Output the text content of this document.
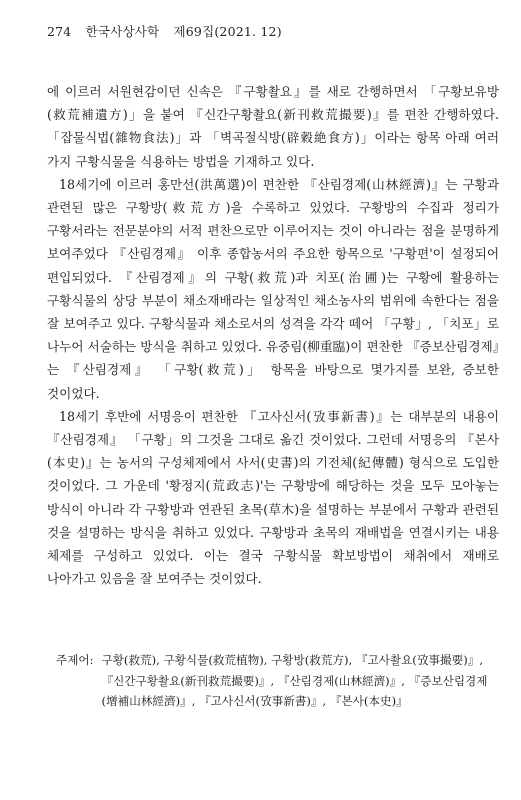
274 한국사상사학 제69집(2021. 12)

에 이르러 서원현감이던 신속은 『구황촬요』를 새로 간행하면서 「구황보유방(救荒補遺方)」을 붙여 『신간구황촬요(新刊救荒撮要)』를 편찬 간행하였다. 「잡물식법(雜物食法)」과 「벽곡절식방(辟穀絶食方)」이라는 항목 아래 여러 가지 구황식물을 식용하는 방법을 기재하고 있다.

18세기에 이르러 홍만선(洪萬選)이 편찬한 『산림경제(山林經濟)』는 구황과 관련된 많은 구황방(救荒方)을 수록하고 있었다. 구황방의 수집과 정리가 구황서라는 전문분야의 서적 편찬으로만 이루어지는 것이 아니라는 점을 분명하게 보여주었다 『산림경제』 이후 종합농서의 주요한 항목으로 '구황편'이 설정되어 편입되었다. 『산림경제』의 구황(救荒)과 치포(治圃)는 구황에 활용하는 구황식물의 상당 부분이 채소재배라는 일상적인 채소농사의 범위에 속한다는 점을 잘 보여주고 있다. 구황식물과 채소로서의 성격을 각각 떼어 「구황」, 「치포」로 나누어 서술하는 방식을 취하고 있었다. 유중림(柳重臨)이 편찬한 『증보산림경제』는 『산림경제』 「구황(救荒)」 항목을 바탕으로 몇가지를 보완, 증보한 것이었다.

18세기 후반에 서명응이 편찬한 『고사신서(攷事新書)』는 대부분의 내용이 『산림경제』 「구황」의 그것을 그대로 옮긴 것이었다. 그런데 서명응의 『본사(本史)』는 농서의 구성체제에서 사서(史書)의 기전체(紀傳體) 형식으로 도입한 것이었다. 그 가운데 '황정지(荒政志)'는 구황방에 해당하는 것을 모두 모아놓는 방식이 아니라 각 구황방과 연관된 초목(草木)을 설명하는 부분에서 구황과 관련된 것을 설명하는 방식을 취하고 있었다. 구황방과 초목의 재배법을 연결시키는 내용 체제를 구성하고 있었다. 이는 결국 구황식물 확보방법이 채취에서 재배로 나아가고 있음을 잘 보여주는 것이었다.

주제어: 구황(救荒), 구황식물(救荒植物), 구황방(救荒方), 『고사촬요(攷事撮要)』, 『신간구황촬요(新刊救荒撮要)』, 『산림경제(山林經濟)』, 『증보산림경제(增補山林經濟)』, 『고사신서(攷事新書)』, 『본사(本史)』
